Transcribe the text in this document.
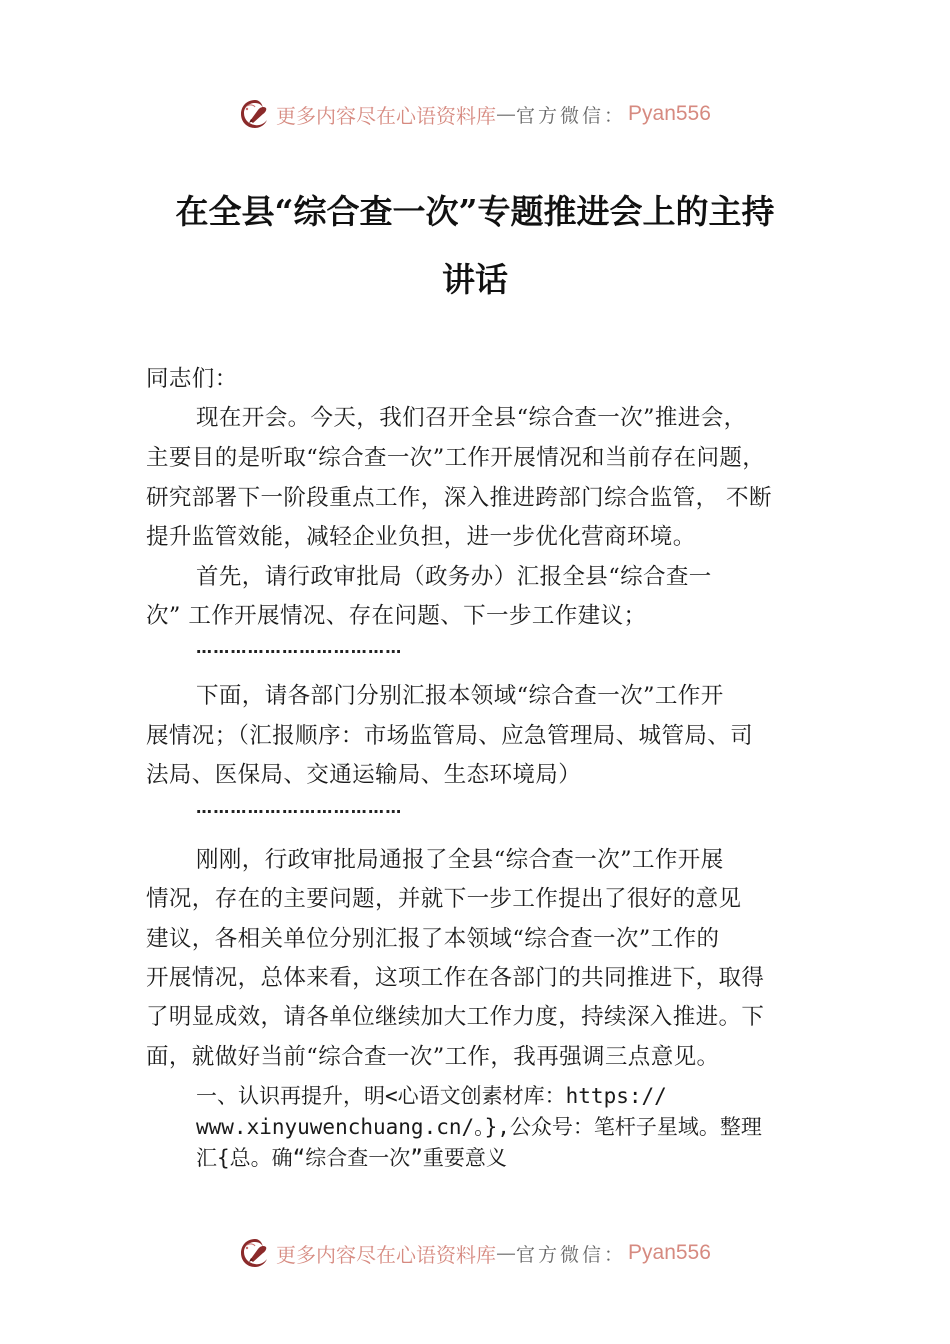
更多内容尽在心语资料库 — 官方微信： Pyan556
在全县“综合查一次”专题推进会上的主持
讲话
同志们：
现在开会。今天，我们召开全县“综合查一次”推进会，
主要目的是听取“综合查一次”工作开展情况和当前存在问题，
研究部署下一阶段重点工作，深入推进跨部门综合监管， 不断
提升监管效能，减轻企业负担，进一步优化营商环境。
首先，请行政审批局（政务办）汇报全县“综合查一
次” 工作开展情况、存在问题、下一步工作建议；
………………………………
下面，请各部门分别汇报本领域“综合查一次”工作开
展情况；（汇报顺序：市场监管局、应急管理局、城管局、司
法局、医保局、交通运输局、生态环境局）
………………………………
刚刚，行政审批局通报了全县“综合查一次”工作开展
情况，存在的主要问题，并就下一步工作提出了很好的意见
建议，各相关单位分别汇报了本领域“综合查一次”工作的
开展情况，总体来看，这项工作在各部门的共同推进下，取得
了明显成效，请各单位继续加大工作力度，持续深入推进。下
面，就做好当前“综合查一次”工作，我再强调三点意见。
一、认识再提升，明<心语文创素材库：https://
www.xinyuwenchuang.cn/。},公众号：笔杆子星域。整理
汇{总。确“综合查一次”重要意义
更多内容尽在心语资料库 — 官方微信： Pyan556
